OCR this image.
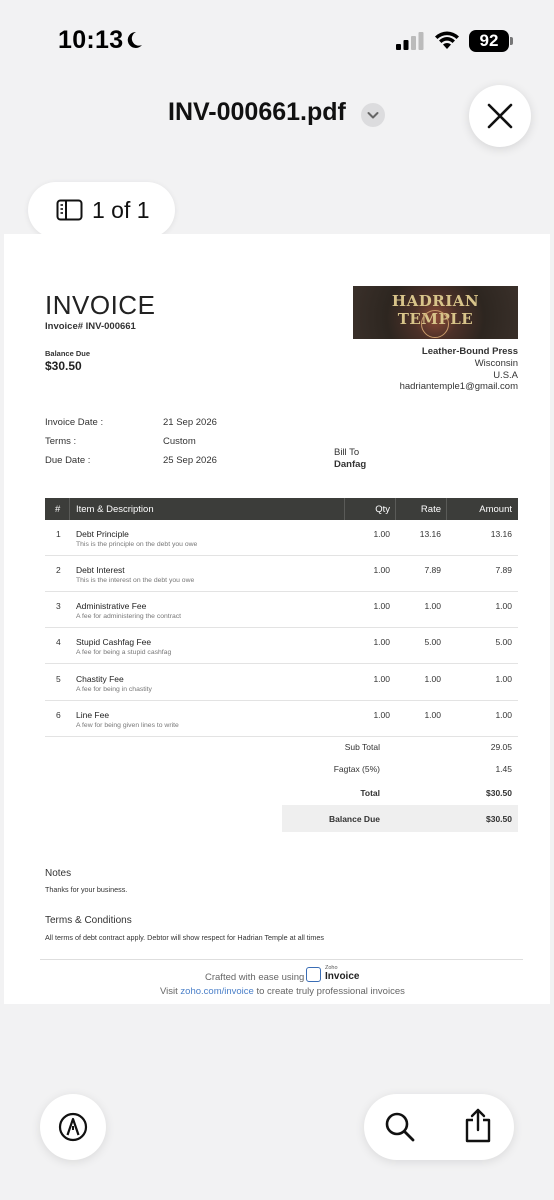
10:13	92
INV-000661.pdf
1 of 1
INVOICE
Invoice# INV-000661
Balance Due
$30.50
HADRIAN TEMPLE
Leather-Bound Press
Wisconsin
U.S.A
hadriantemple1@gmail.com
Invoice Date :	21 Sep 2026
Terms :	Custom
Due Date :	25 Sep 2026
Bill To
Danfag
# Item & Description	Qty	Rate	Amount
1 Debt Principle
This is the principle on the debt you owe
1.00	13.16	13.16
2 Debt Interest
This is the interest on the debt you owe
1.00	7.89	7.89
3 Administrative Fee
A fee for administering the contract
1.00	1.00	1.00
4 Stupid Cashfag Fee
A fee for being a stupid cashfag
1.00	5.00	5.00
5 Chastity Fee
A fee for being in chastity
1.00	1.00	1.00
6 Line Fee
A few for being given lines to write
1.00	1.00	1.00
Sub Total	29.05
Fagtax (5%)	1.45
Total	$30.50
Balance Due	$30.50
Notes
Thanks for your business.
Terms & Conditions
All terms of debt contract apply. Debtor will show respect for Hadrian Temple at all times
Crafted with ease using
Zoho
Invoice
Visit zoho.com/invoice to create truly professional invoices
